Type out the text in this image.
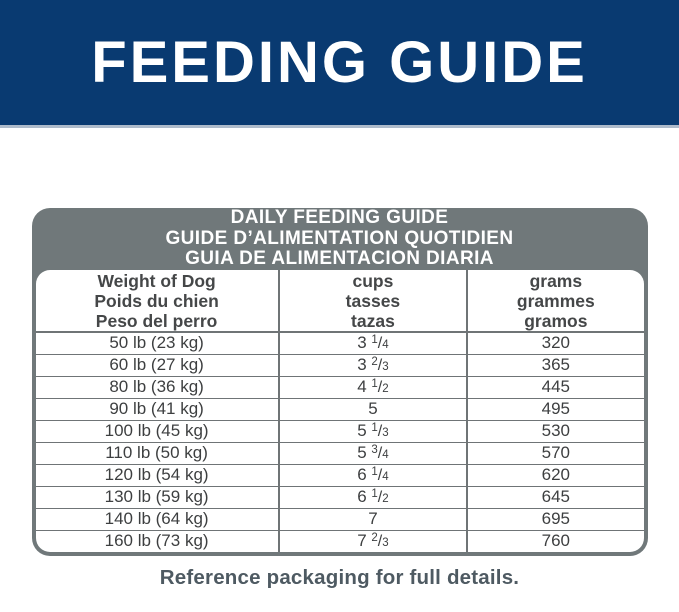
FEEDING GUIDE
DAILY FEEDING GUIDE
GUIDE D’ALIMENTATION QUOTIDIEN
GUIA DE ALIMENTACION DIARIA
Weight of Dog
Poids du chien
Peso del perro

cups
tasses
tazas

grams
grammes
gramos

50 lb (23 kg)	3 $^1$/4	320
60 lb (27 kg)	3 $^2$/3	365
80 lb (36 kg)	4 $^1$/2	445
90 lb (41 kg)	5	495
100 lb (45 kg)	5 $^1$/3	530
110 lb (50 kg)	5 $^3$/4	570
120 lb (54 kg)	6 $^1$/4	620
130 lb (59 kg)	6 $^1$/2	645
140 lb (64 kg)	7	695
160 lb (73 kg)	7 $^2$/3	760

Reference packaging for full details.
